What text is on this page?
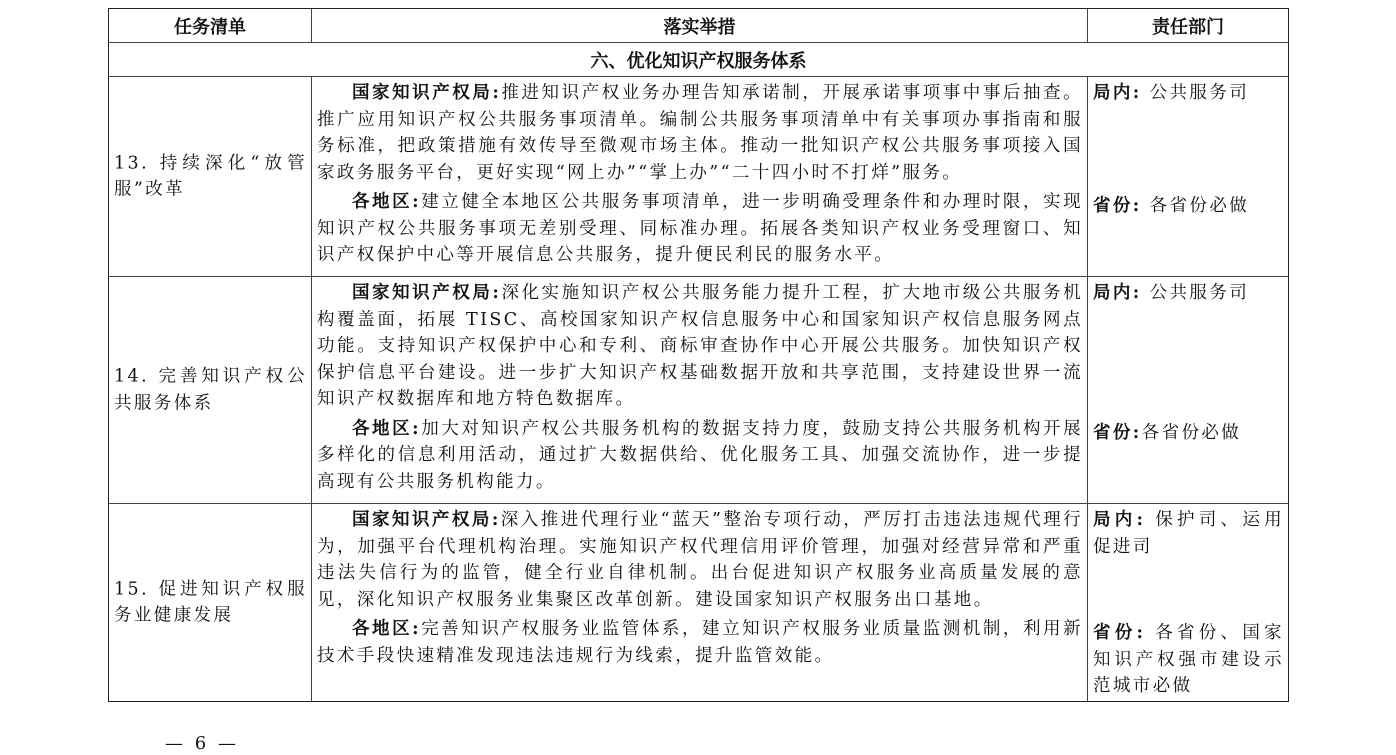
任务清单	落实举措	责任部门
六、优化知识产权服务体系
13. 持续深化“放管服”改革
国家知识产权局:推进知识产权业务办理告知承诺制，开展承诺事项事中事后抽查。推广应用知识产权公共服务事项清单。编制公共服务事项清单中有关事项办事指南和服务标准，把政策措施有效传导至微观市场主体。推动一批知识产权公共服务事项接入国家政务服务平台，更好实现“网上办”“掌上办”“二十四小时不打烊”服务。
各地区:建立健全本地区公共服务事项清单，进一步明确受理条件和办理时限，实现知识产权公共服务事项无差别受理、同标准办理。拓展各类知识产权业务受理窗口、知识产权保护中心等开展信息公共服务，提升便民利民的服务水平。
局内: 公共服务司
省份: 各省份必做
14. 完善知识产权公共服务体系
国家知识产权局:深化实施知识产权公共服务能力提升工程，扩大地市级公共服务机构覆盖面，拓展 TISC、高校国家知识产权信息服务中心和国家知识产权信息服务网点功能。支持知识产权保护中心和专利、商标审查协作中心开展公共服务。加快知识产权保护信息平台建设。进一步扩大知识产权基础数据开放和共享范围，支持建设世界一流知识产权数据库和地方特色数据库。
各地区:加大对知识产权公共服务机构的数据支持力度，鼓励支持公共服务机构开展多样化的信息利用活动，通过扩大数据供给、优化服务工具、加强交流协作，进一步提高现有公共服务机构能力。
局内: 公共服务司
省份:各省份必做
15. 促进知识产权服务业健康发展
国家知识产权局:深入推进代理行业“蓝天”整治专项行动，严厉打击违法违规代理行为，加强平台代理机构治理。实施知识产权代理信用评价管理，加强对经营异常和严重违法失信行为的监管，健全行业自律机制。出台促进知识产权服务业高质量发展的意见，深化知识产权服务业集聚区改革创新。建设国家知识产权服务出口基地。
各地区:完善知识产权服务业监管体系，建立知识产权服务业质量监测机制，利用新技术手段快速精准发现违法违规行为线索，提升监管效能。
局内: 保护司、运用促进司
省份: 各省份、国家知识产权强市建设示范城市必做
— 6 —
